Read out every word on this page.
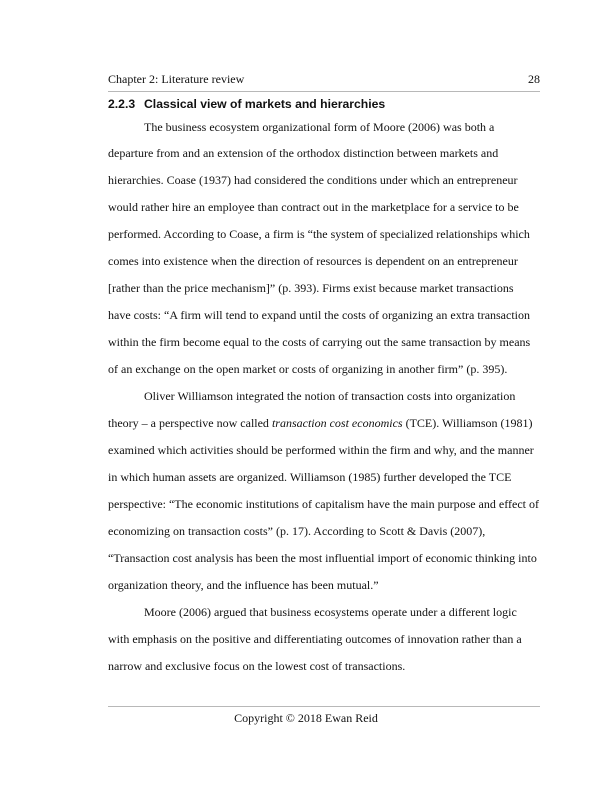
Chapter 2: Literature review	28
2.2.3 Classical view of markets and hierarchies
The business ecosystem organizational form of Moore (2006) was both a
departure from and an extension of the orthodox distinction between markets and
hierarchies. Coase (1937) had considered the conditions under which an entrepreneur
would rather hire an employee than contract out in the marketplace for a service to be
performed. According to Coase, a firm is “the system of specialized relationships which
comes into existence when the direction of resources is dependent on an entrepreneur
[rather than the price mechanism]” (p. 393). Firms exist because market transactions
have costs: “A firm will tend to expand until the costs of organizing an extra transaction
within the firm become equal to the costs of carrying out the same transaction by means
of an exchange on the open market or costs of organizing in another firm” (p. 395).
Oliver Williamson integrated the notion of transaction costs into organization
theory – a perspective now called transaction cost economics (TCE). Williamson (1981)
examined which activities should be performed within the firm and why, and the manner
in which human assets are organized. Williamson (1985) further developed the TCE
perspective: “The economic institutions of capitalism have the main purpose and effect of
economizing on transaction costs” (p. 17). According to Scott & Davis (2007),
“Transaction cost analysis has been the most influential import of economic thinking into
organization theory, and the influence has been mutual.”
Moore (2006) argued that business ecosystems operate under a different logic
with emphasis on the positive and differentiating outcomes of innovation rather than a
narrow and exclusive focus on the lowest cost of transactions.
Copyright © 2018 Ewan Reid
